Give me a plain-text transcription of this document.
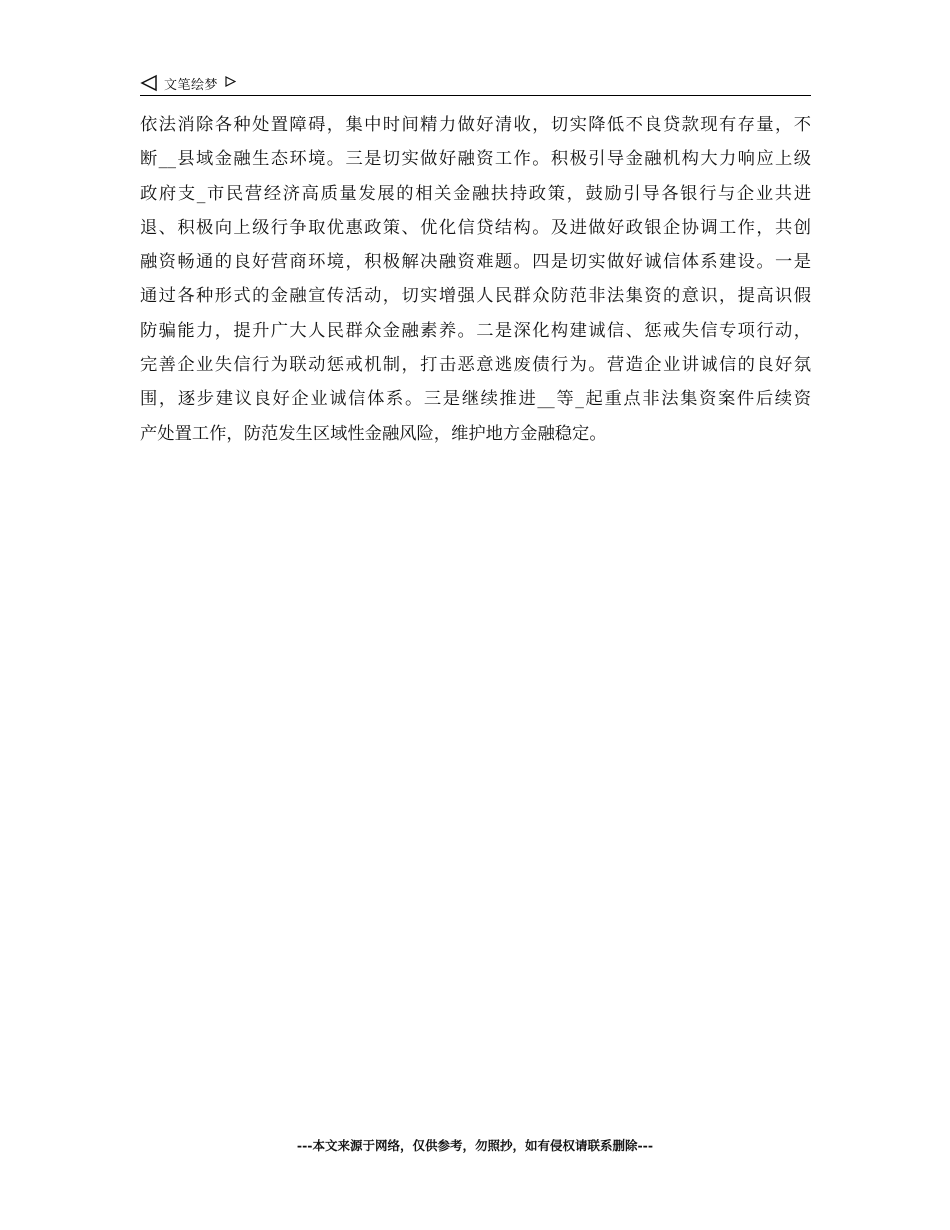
文笔绘梦
依法消除各种处置障碍，集中时间精力做好清收，切实降低不良贷款现有存量，不
断__县域金融生态环境。三是切实做好融资工作。积极引导金融机构大力响应上级
政府支_市民营经济高质量发展的相关金融扶持政策，鼓励引导各银行与企业共进
退、积极向上级行争取优惠政策、优化信贷结构。及进做好政银企协调工作，共创
融资畅通的良好营商环境，积极解决融资难题。四是切实做好诚信体系建设。一是
通过各种形式的金融宣传活动，切实增强人民群众防范非法集资的意识，提高识假
防骗能力，提升广大人民群众金融素养。二是深化构建诚信、惩戒失信专项行动，
完善企业失信行为联动惩戒机制，打击恶意逃废债行为。营造企业讲诚信的良好氛
围，逐步建议良好企业诚信体系。三是继续推进__等_起重点非法集资案件后续资
产处置工作，防范发生区域性金融风险，维护地方金融稳定。
---本文来源于网络，仅供参考，勿照抄，如有侵权请联系删除---
